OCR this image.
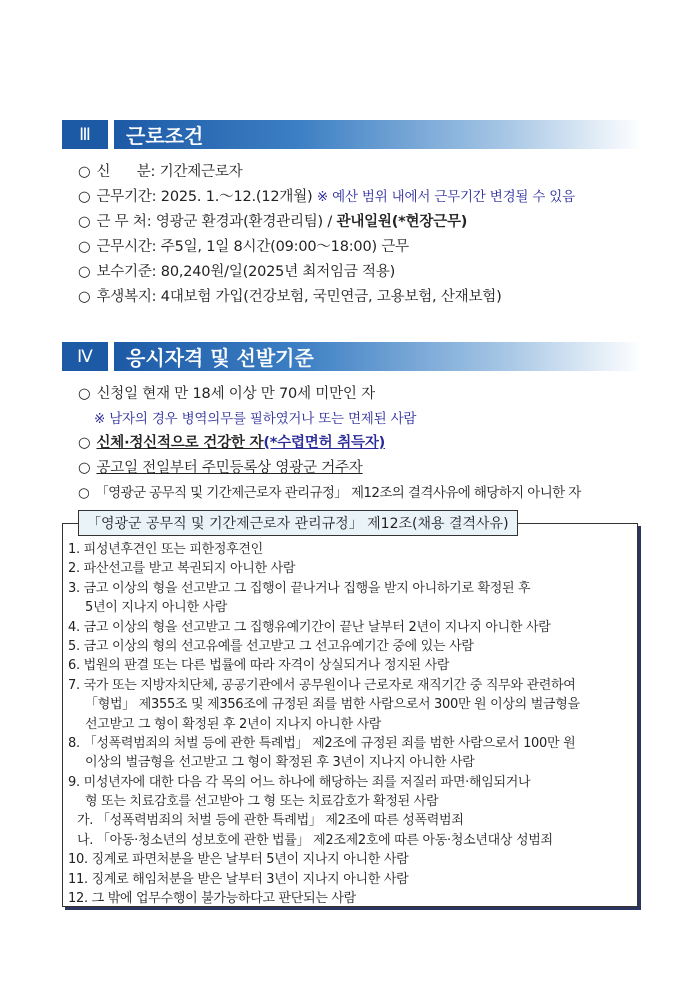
Ⅲ	근로조건
○ 신      분: 기간제근로자
○ 근무기간: 2025. 1.～12.(12개월) ※ 예산 범위 내에서 근무기간 변경될 수 있음
○ 근 무 처: 영광군 환경과(환경관리팀) / 관내일원(*현장근무)
○ 근무시간: 주5일, 1일 8시간(09:00～18:00) 근무
○ 보수기준: 80,240원/일(2025년 최저임금 적용)
○ 후생복지: 4대보험 가입(건강보험, 국민연금, 고용보험, 산재보험)
Ⅳ	응시자격 및 선발기준
○ 신청일 현재 만 18세 이상 만 70세 미만인 자
※ 남자의 경우 병역의무를 필하였거나 또는 면제된 사람
○ 신체·정신적으로 건강한 자(*수렵면허 취득자)
○ 공고일 전일부터 주민등록상 영광군 거주자
○ 「영광군 공무직 및 기간제근로자 관리규정」 제12조의 결격사유에 해당하지 아니한 자
「영광군 공무직 및 기간제근로자 관리규정」 제12조(채용 결격사유)
1. 피성년후견인 또는 피한정후견인
2. 파산선고를 받고 복권되지 아니한 사람
3. 금고 이상의 형을 선고받고 그 집행이 끝나거나 집행을 받지 아니하기로 확정된 후
5년이 지나지 아니한 사람
4. 금고 이상의 형을 선고받고 그 집행유예기간이 끝난 날부터 2년이 지나지 아니한 사람
5. 금고 이상의 형의 선고유예를 선고받고 그 선고유예기간 중에 있는 사람
6. 법원의 판결 또는 다른 법률에 따라 자격이 상실되거나 정지된 사람
7. 국가 또는 지방자치단체, 공공기관에서 공무원이나 근로자로 재직기간 중 직무와 관련하여
「형법」 제355조 및 제356조에 규정된 죄를 범한 사람으로서 300만 원 이상의 벌금형을
선고받고 그 형이 확정된 후 2년이 지나지 아니한 사람
8. 「성폭력범죄의 처벌 등에 관한 특례법」 제2조에 규정된 죄를 범한 사람으로서 100만 원
이상의 벌금형을 선고받고 그 형이 확정된 후 3년이 지나지 아니한 사람
9. 미성년자에 대한 다음 각 목의 어느 하나에 해당하는 죄를 저질러 파면·해임되거나
형 또는 치료감호를 선고받아 그 형 또는 치료감호가 확정된 사람
가. 「성폭력범죄의 처벌 등에 관한 특례법」 제2조에 따른 성폭력범죄
나. 「아동·청소년의 성보호에 관한 법률」 제2조제2호에 따른 아동·청소년대상 성범죄
10. 징계로 파면처분을 받은 날부터 5년이 지나지 아니한 사람
11. 징계로 해임처분을 받은 날부터 3년이 지나지 아니한 사람
12. 그 밖에 업무수행이 불가능하다고 판단되는 사람
